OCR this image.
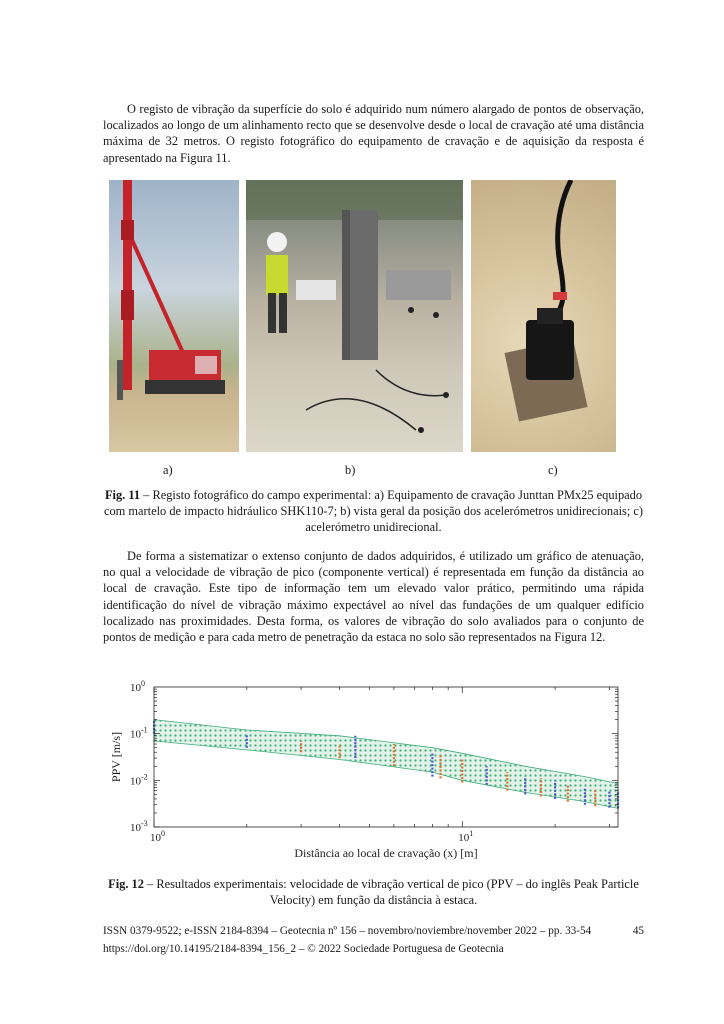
O registo de vibração da superfície do solo é adquirido num número alargado de pontos de observação, localizados ao longo de um alinhamento recto que se desenvolve desde o local de cravação até uma distância máxima de 32 metros. O registo fotográfico do equipamento de cravação e de aquisição da resposta é apresentado na Figura 11.

a)	b)	c)

Fig. 11 – Registo fotográfico do campo experimental: a) Equipamento de cravação Junttan PMx25 equipado com martelo de impacto hidráulico SHK110-7; b) vista geral da posição dos acelerómetros unidirecionais; c) acelerómetro unidirecional.

De forma a sistematizar o extenso conjunto de dados adquiridos, é utilizado um gráfico de atenuação, no qual a velocidade de vibração de pico (componente vertical) é representada em função da distância ao local de cravação. Este tipo de informação tem um elevado valor prático, permitindo uma rápida identificação do nível de vibração máximo expectável ao nível das fundações de um qualquer edifício localizado nas proximidades. Desta forma, os valores de vibração do solo avaliados para o conjunto de pontos de medição e para cada metro de penetração da estaca no solo são representados na Figura 12.

$10^0$	$10^1$
$10^0$
$10^{-1}$
$10^{-2}$
$10^{-3}$
Distância ao local de cravação (x) [m]
PPV [m/s]

Fig. 12 – Resultados experimentais: velocidade de vibração vertical de pico (PPV – do inglês Peak Particle Velocity) em função da distância à estaca.

ISSN 0379-9522; e-ISSN 2184-8394 – Geotecnia nº 156 – novembro/noviembre/november 2022 – pp. 33-54	45
https://doi.org/10.14195/2184-8394_156_2 – © 2022 Sociedade Portuguesa de Geotecnia
